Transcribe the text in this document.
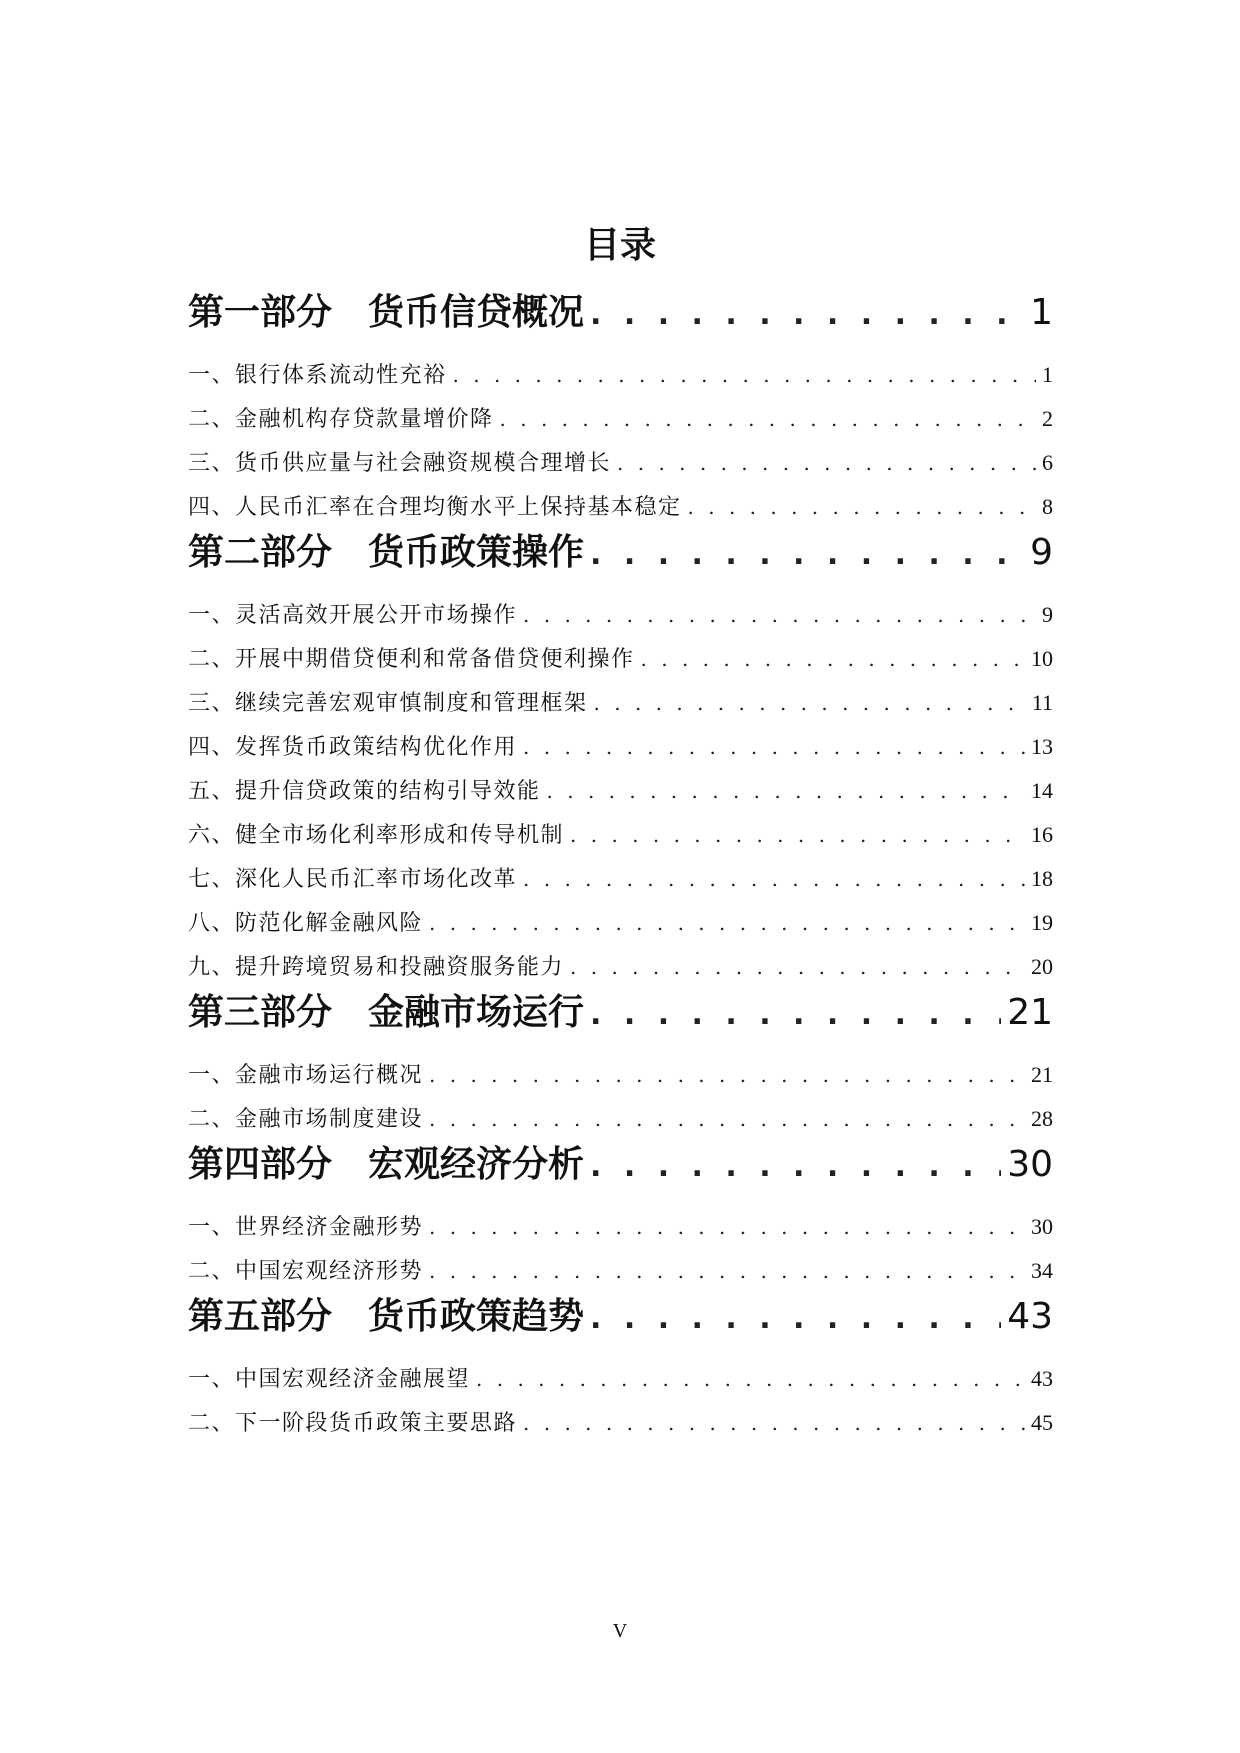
目录
第一部分　货币信贷概况 . . .	1
一、银行体系流动性充裕 . . .	1
二、金融机构存贷款量增价降 . . .	2
三、货币供应量与社会融资规模合理增长 . . .	6
四、人民币汇率在合理均衡水平上保持基本稳定 . . .	8
第二部分　货币政策操作 . . .	9
一、灵活高效开展公开市场操作 . . .	9
二、开展中期借贷便利和常备借贷便利操作 . . .	10
三、继续完善宏观审慎制度和管理框架 . . .	11
四、发挥货币政策结构优化作用 . . .	13
五、提升信贷政策的结构引导效能 . . .	14
六、健全市场化利率形成和传导机制 . . .	16
七、深化人民币汇率市场化改革 . . .	18
八、防范化解金融风险 . . .	19
九、提升跨境贸易和投融资服务能力 . . .	20
第三部分　金融市场运行 . . .	21
一、金融市场运行概况 . . .	21
二、金融市场制度建设 . . .	28
第四部分　宏观经济分析 . . .	30
一、世界经济金融形势 . . .	30
二、中国宏观经济形势 . . .	34
第五部分　货币政策趋势 . . .	43
一、中国宏观经济金融展望 . . .	43
二、下一阶段货币政策主要思路 . . .	45
V
